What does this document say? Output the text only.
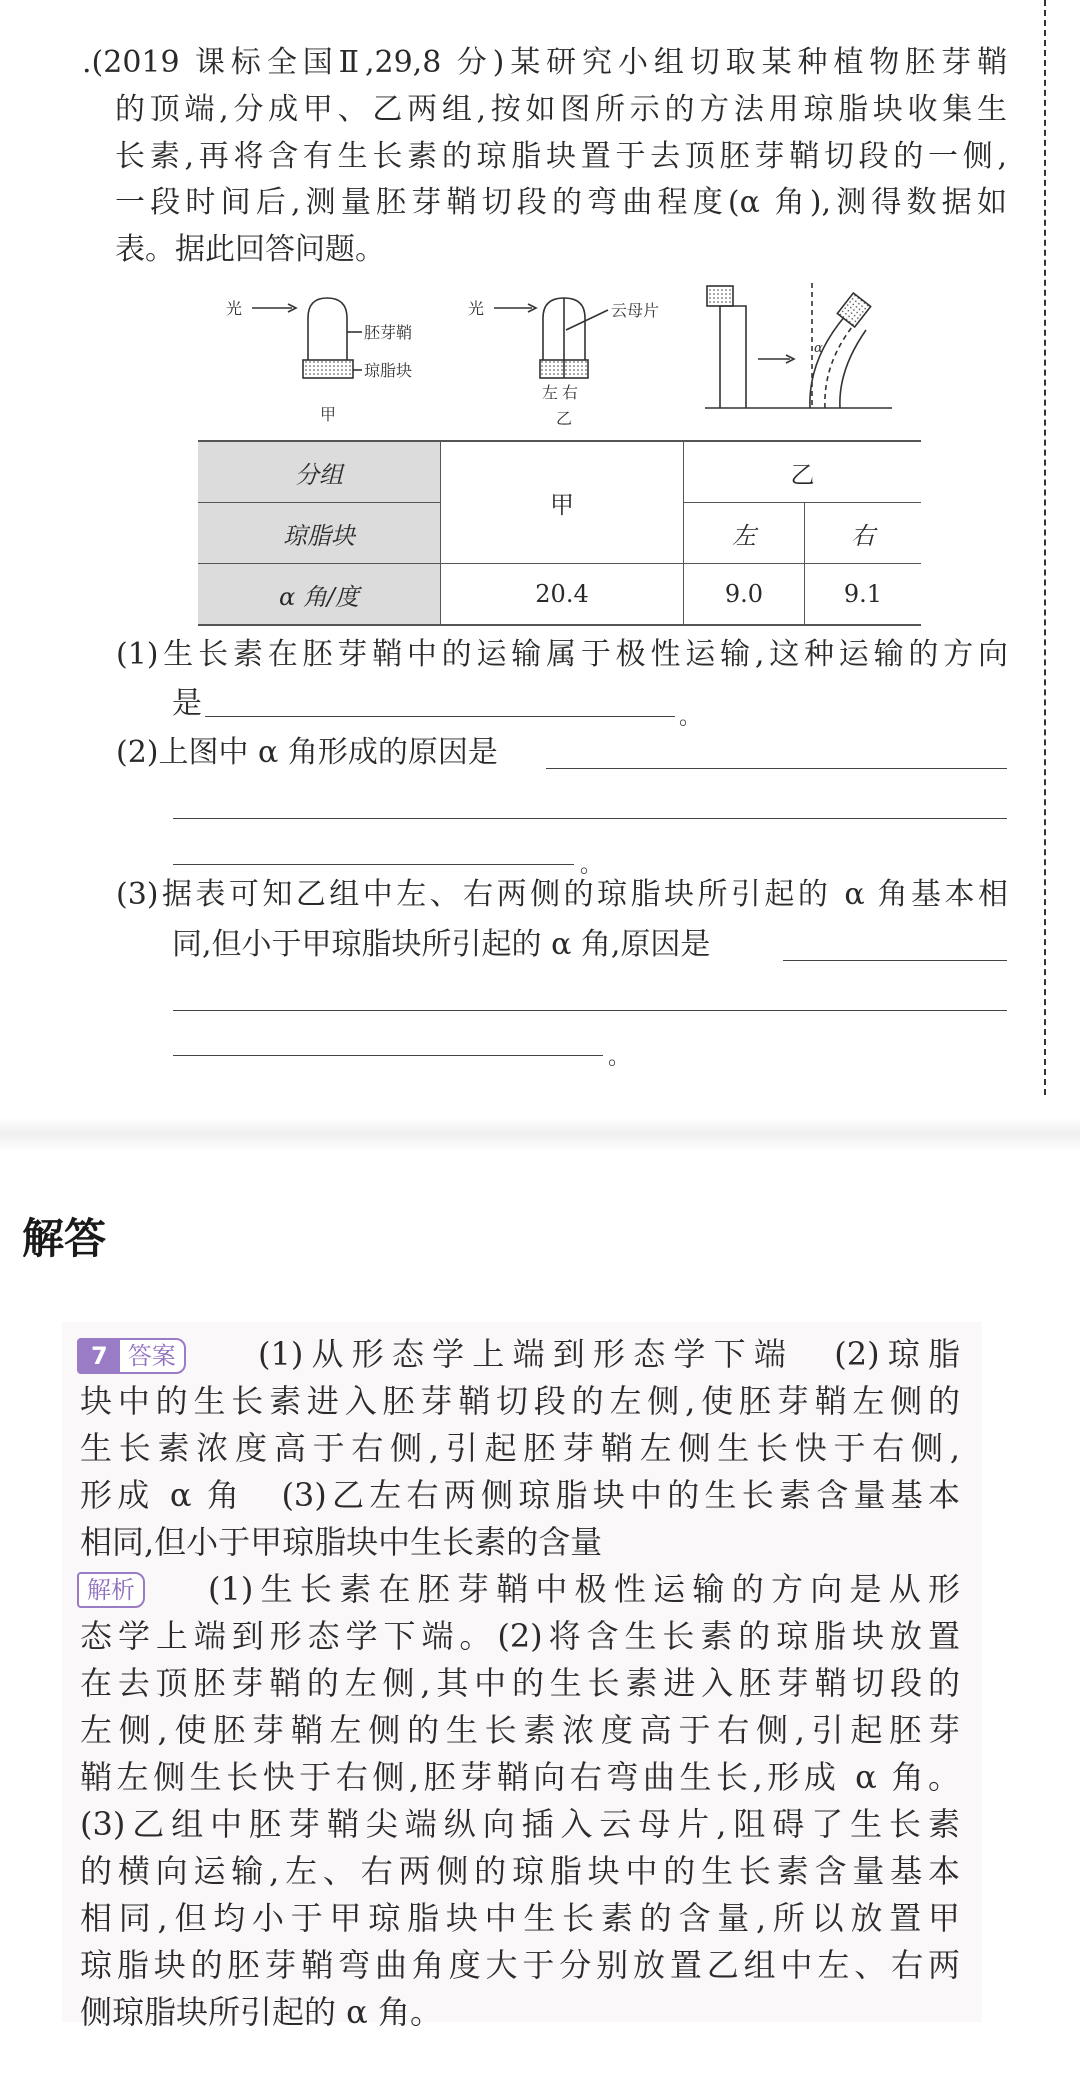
.(2019 课标全国Ⅱ,29,8 分)某研究小组切取某种植物胚芽鞘
的顶端,分成甲、乙两组,按如图所示的方法用琼脂块收集生
长素,再将含有生长素的琼脂块置于去顶胚芽鞘切段的一侧,
一段时间后,测量胚芽鞘切段的弯曲程度(α 角),测得数据如
表。据此回答问题。
光
胚芽鞘
琼脂块
甲
光	云母片
左右
乙
α
分组	甲	乙	
琼脂块		左	右
α 角/度	20.4	9.0	9.1
(1)生长素在胚芽鞘中的运输属于极性运输,这种运输的方向
是	。
(2)上图中 α 角形成的原因是
。
(3)据表可知乙组中左、右两侧的琼脂块所引起的 α 角基本相
同,但小于甲琼脂块所引起的 α 角,原因是
。
解答
7 答案	(1)从形态学上端到形态学下端　(2)琼脂
块中的生长素进入胚芽鞘切段的左侧,使胚芽鞘左侧的
生长素浓度高于右侧,引起胚芽鞘左侧生长快于右侧,
形成 α 角　(3)乙左右两侧琼脂块中的生长素含量基本
相同,但小于甲琼脂块中生长素的含量
解析 (1)生长素在胚芽鞘中极性运输的方向是从形
态学上端到形态学下端。(2)将含生长素的琼脂块放置
在去顶胚芽鞘的左侧,其中的生长素进入胚芽鞘切段的
左侧,使胚芽鞘左侧的生长素浓度高于右侧,引起胚芽
鞘左侧生长快于右侧,胚芽鞘向右弯曲生长,形成 α 角。
(3)乙组中胚芽鞘尖端纵向插入云母片,阻碍了生长素
的横向运输,左、右两侧的琼脂块中的生长素含量基本
相同,但均小于甲琼脂块中生长素的含量,所以放置甲
琼脂块的胚芽鞘弯曲角度大于分别放置乙组中左、右两
侧琼脂块所引起的 α 角。
